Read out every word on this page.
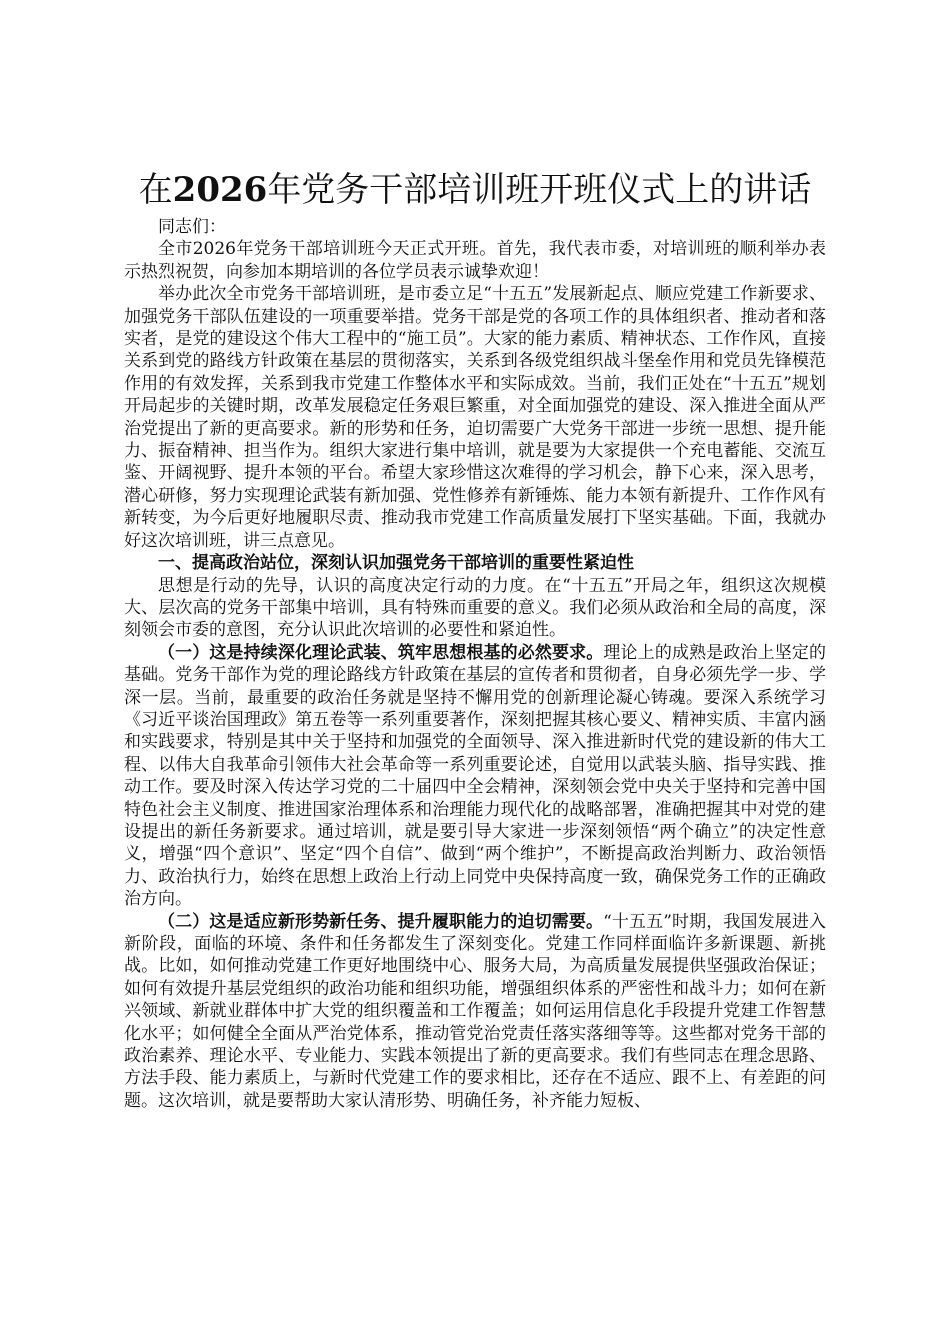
在2026年党务干部培训班开班仪式上的讲话

同志们：

全市2026年党务干部培训班今天正式开班。首先，我代表市委，对培训班的顺利举办表示热烈祝贺，向参加本期培训的各位学员表示诚挚欢迎！

举办此次全市党务干部培训班，是市委立足“十五五”发展新起点、顺应党建工作新要求、加强党务干部队伍建设的一项重要举措。党务干部是党的各项工作的具体组织者、推动者和落实者，是党的建设这个伟大工程中的“施工员”。大家的能力素质、精神状态、工作作风，直接关系到党的路线方针政策在基层的贯彻落实，关系到各级党组织战斗堡垒作用和党员先锋模范作用的有效发挥，关系到我市党建工作整体水平和实际成效。当前，我们正处在“十五五”规划开局起步的关键时期，改革发展稳定任务艰巨繁重，对全面加强党的建设、深入推进全面从严治党提出了新的更高要求。新的形势和任务，迫切需要广大党务干部进一步统一思想、提升能力、振奋精神、担当作为。组织大家进行集中培训，就是要为大家提供一个充电蓄能、交流互鉴、开阔视野、提升本领的平台。希望大家珍惜这次难得的学习机会，静下心来，深入思考，潜心研修，努力实现理论武装有新加强、党性修养有新锤炼、能力本领有新提升、工作作风有新转变，为今后更好地履职尽责、推动我市党建工作高质量发展打下坚实基础。下面，我就办好这次培训班，讲三点意见。

一、提高政治站位，深刻认识加强党务干部培训的重要性紧迫性

思想是行动的先导，认识的高度决定行动的力度。在“十五五”开局之年，组织这次规模大、层次高的党务干部集中培训，具有特殊而重要的意义。我们必须从政治和全局的高度，深刻领会市委的意图，充分认识此次培训的必要性和紧迫性。

（一）这是持续深化理论武装、筑牢思想根基的必然要求。理论上的成熟是政治上坚定的基础。党务干部作为党的理论路线方针政策在基层的宣传者和贯彻者，自身必须先学一步、学深一层。当前，最重要的政治任务就是坚持不懈用党的创新理论凝心铸魂。要深入系统学习《习近平谈治国理政》第五卷等一系列重要著作，深刻把握其核心要义、精神实质、丰富内涵和实践要求，特别是其中关于坚持和加强党的全面领导、深入推进新时代党的建设新的伟大工程、以伟大自我革命引领伟大社会革命等一系列重要论述，自觉用以武装头脑、指导实践、推动工作。要及时深入传达学习党的二十届四中全会精神，深刻领会党中央关于坚持和完善中国特色社会主义制度、推进国家治理体系和治理能力现代化的战略部署，准确把握其中对党的建设提出的新任务新要求。通过培训，就是要引导大家进一步深刻领悟“两个确立”的决定性意义，增强“四个意识”、坚定“四个自信”、做到“两个维护”，不断提高政治判断力、政治领悟力、政治执行力，始终在思想上政治上行动上同党中央保持高度一致，确保党务工作的正确政治方向。

（二）这是适应新形势新任务、提升履职能力的迫切需要。“十五五”时期，我国发展进入新阶段，面临的环境、条件和任务都发生了深刻变化。党建工作同样面临许多新课题、新挑战。比如，如何推动党建工作更好地围绕中心、服务大局，为高质量发展提供坚强政治保证；如何有效提升基层党组织的政治功能和组织功能，增强组织体系的严密性和战斗力；如何在新兴领域、新就业群体中扩大党的组织覆盖和工作覆盖；如何运用信息化手段提升党建工作智慧化水平；如何健全全面从严治党体系，推动管党治党责任落实落细等等。这些都对党务干部的政治素养、理论水平、专业能力、实践本领提出了新的更高要求。我们有些同志在理念思路、方法手段、能力素质上，与新时代党建工作的要求相比，还存在不适应、跟不上、有差距的问题。这次培训，就是要帮助大家认清形势、明确任务，补齐能力短板、
